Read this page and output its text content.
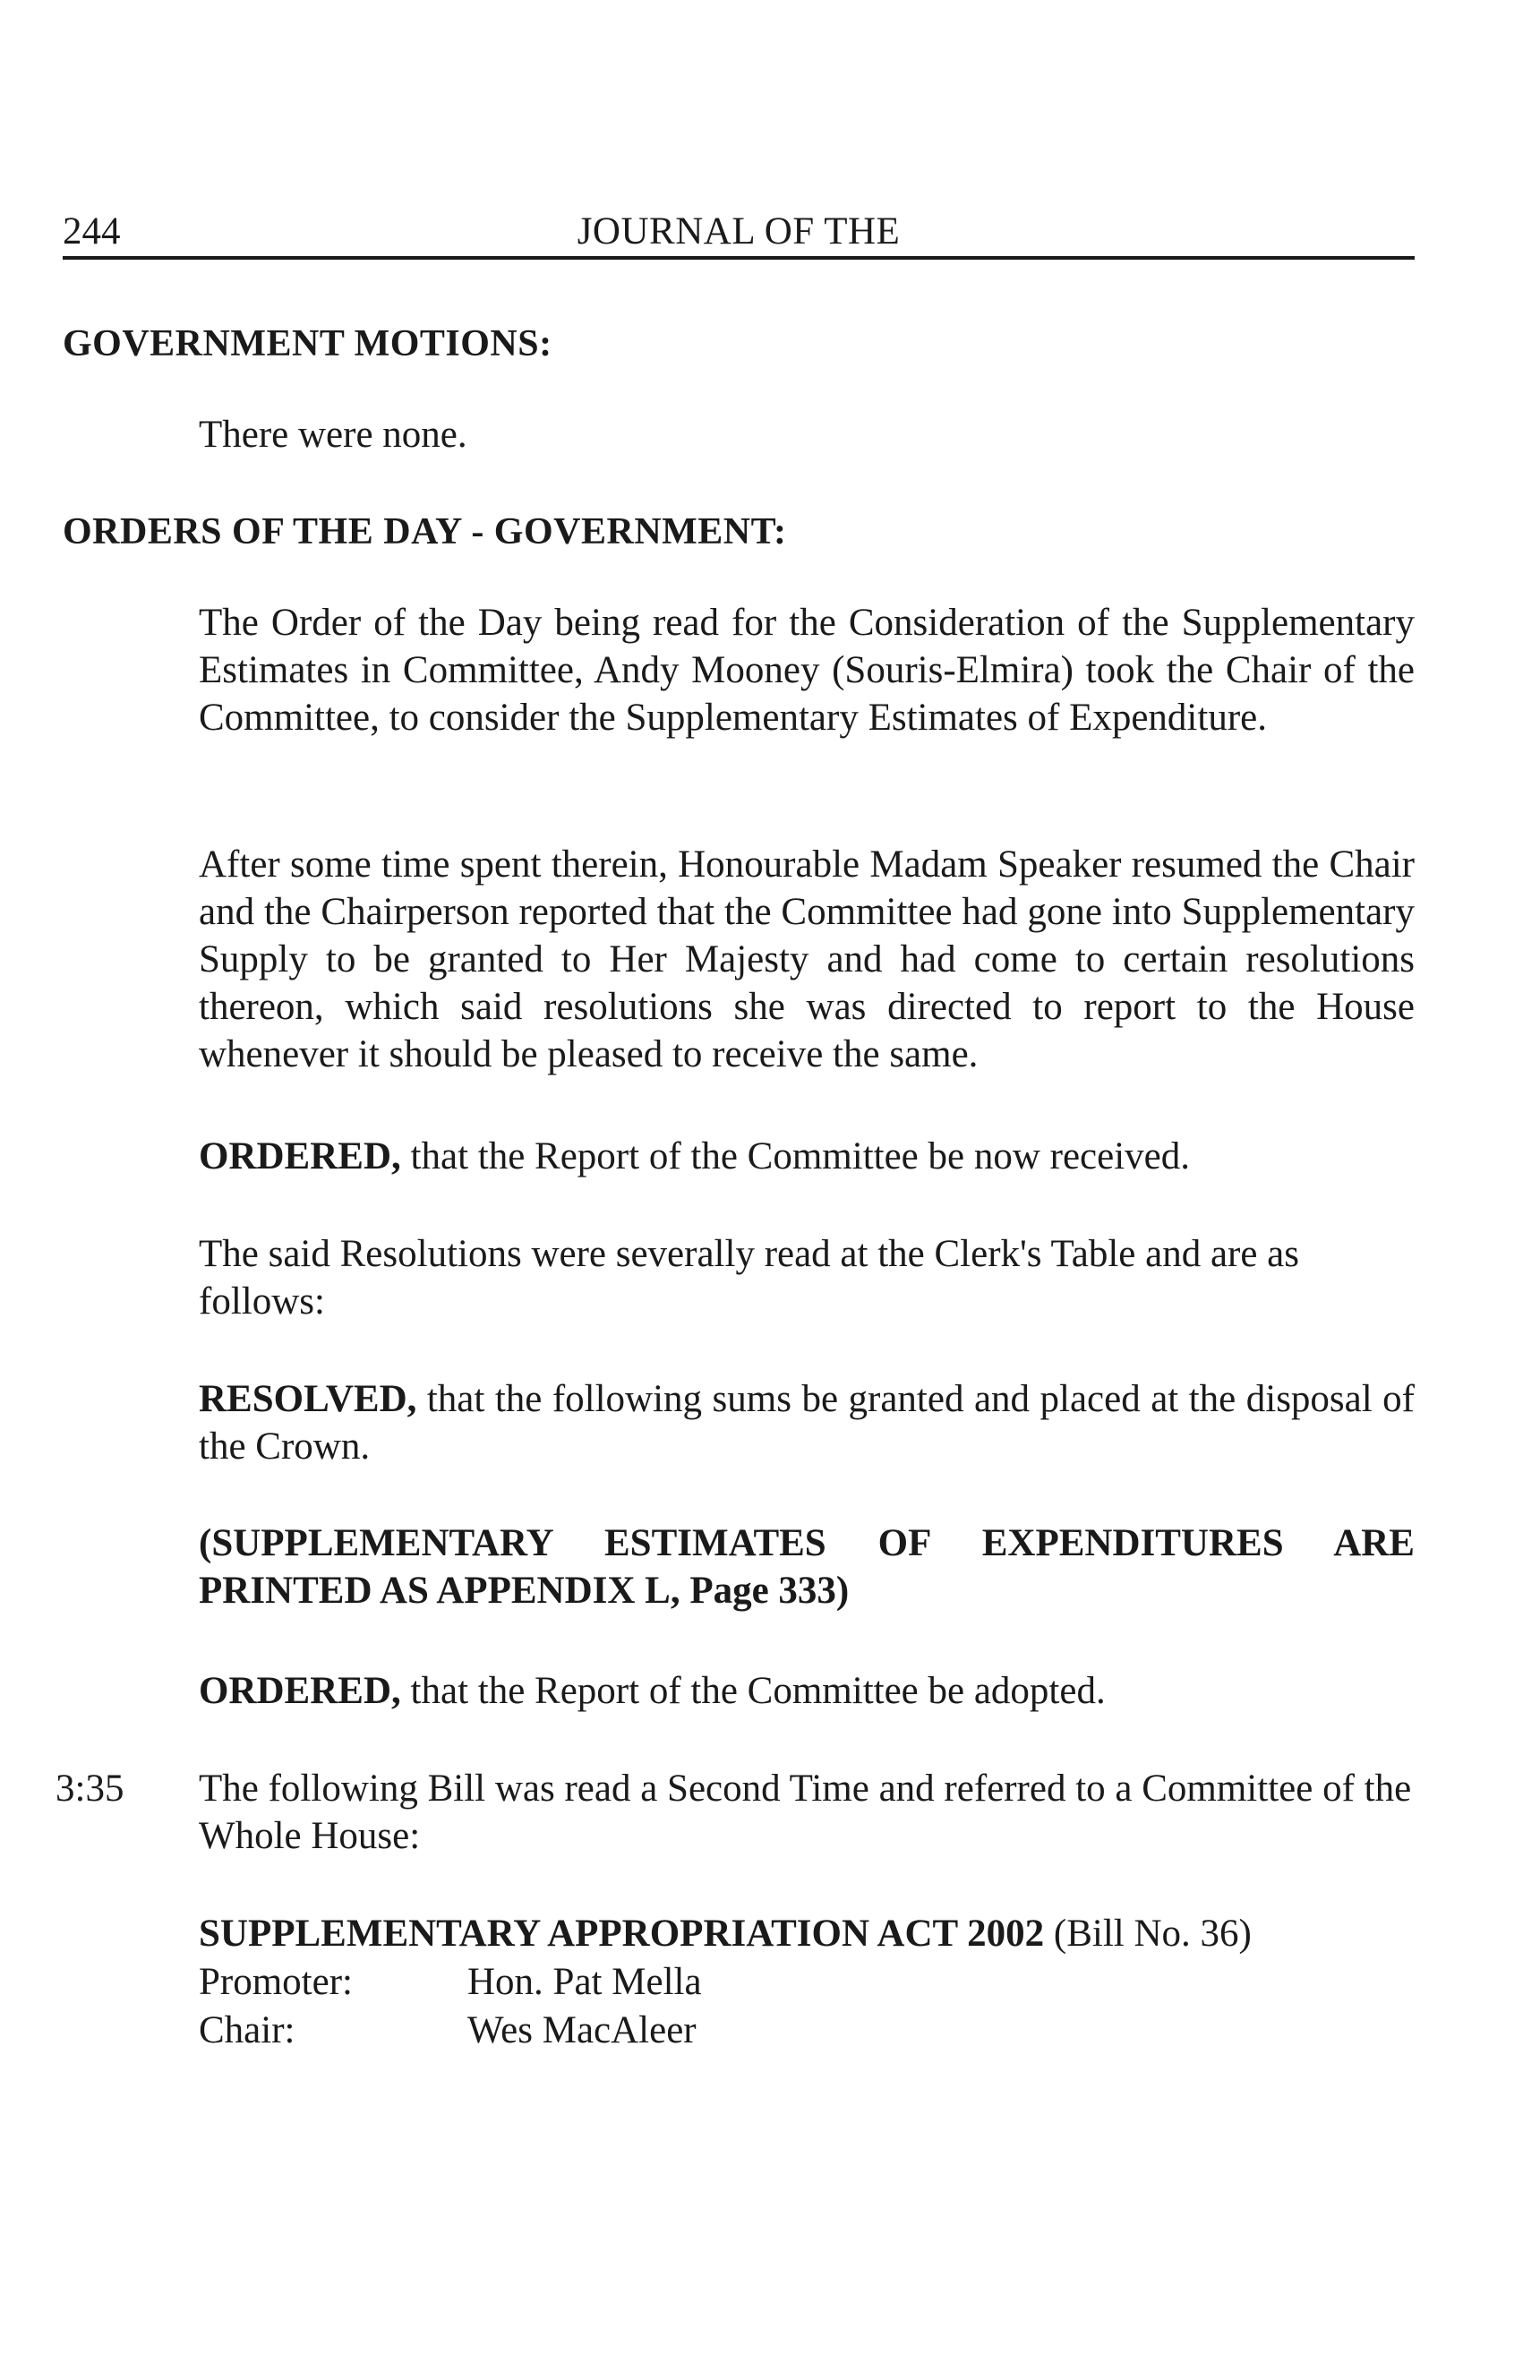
244	JOURNAL OF THE
GOVERNMENT MOTIONS:
There were none.
ORDERS OF THE DAY - GOVERNMENT:
The Order of the Day being read for the Consideration of the Supplementary Estimates in Committee, Andy Mooney (Souris-Elmira) took the Chair of the Committee, to consider the Supplementary Estimates of Expenditure.
After some time spent therein, Honourable Madam Speaker resumed the Chair and the Chairperson reported that the Committee had gone into Supplementary Supply to be granted to Her Majesty and had come to certain resolutions thereon, which said resolutions she was directed to report to the House whenever it should be pleased to receive the same.
ORDERED, that the Report of the Committee be now received.
The said Resolutions were severally read at the Clerk's Table and are as follows:
RESOLVED, that the following sums be granted and placed at the disposal of the Crown.
(SUPPLEMENTARY ESTIMATES OF EXPENDITURES ARE PRINTED AS APPENDIX L, Page 333)
ORDERED, that the Report of the Committee be adopted.
3:35 The following Bill was read a Second Time and referred to a Committee of the Whole House:
SUPPLEMENTARY APPROPRIATION ACT 2002 (Bill No. 36)
Promoter:	Hon. Pat Mella
Chair:	Wes MacAleer
